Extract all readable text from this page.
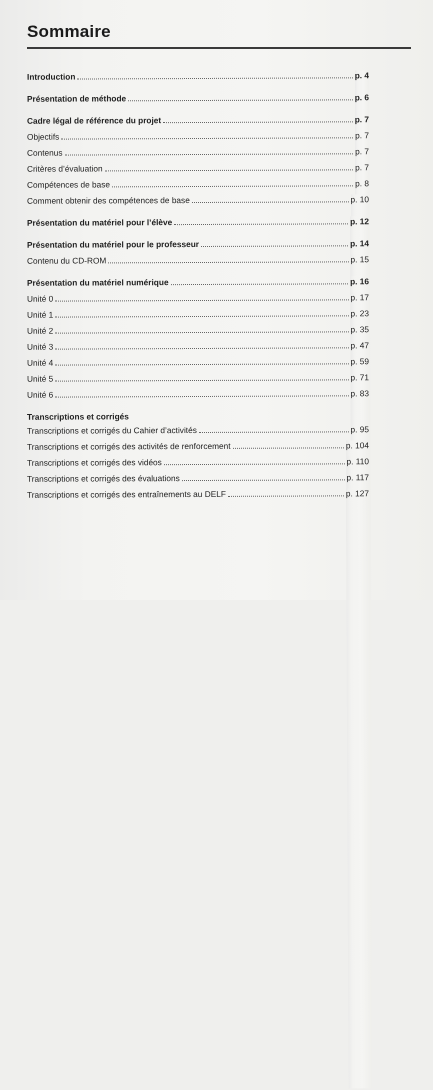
Sommaire
Introduction	p. 4
Présentation de méthode	p. 6
Cadre légal de référence du projet	p. 7
Objectifs	p. 7
Contenus	p. 7
Critères d’évaluation	p. 7
Compétences de base	p. 8
Comment obtenir des compétences de base	p. 10
Présentation du matériel pour l’élève	p. 12
Présentation du matériel pour le professeur	p. 14
Contenu du CD-ROM	p. 15
Présentation du matériel numérique	p. 16
Unité 0	p. 17
Unité 1	p. 23
Unité 2	p. 35
Unité 3	p. 47
Unité 4	p. 59
Unité 5	p. 71
Unité 6	p. 83
Transcriptions et corrigés
Transcriptions et corrigés du Cahier d’activités	p. 95
Transcriptions et corrigés des activités de renforcement	p. 104
Transcriptions et corrigés des vidéos	p. 110
Transcriptions et corrigés des évaluations	p. 117
Transcriptions et corrigés des entraînements au DELF	p. 127
